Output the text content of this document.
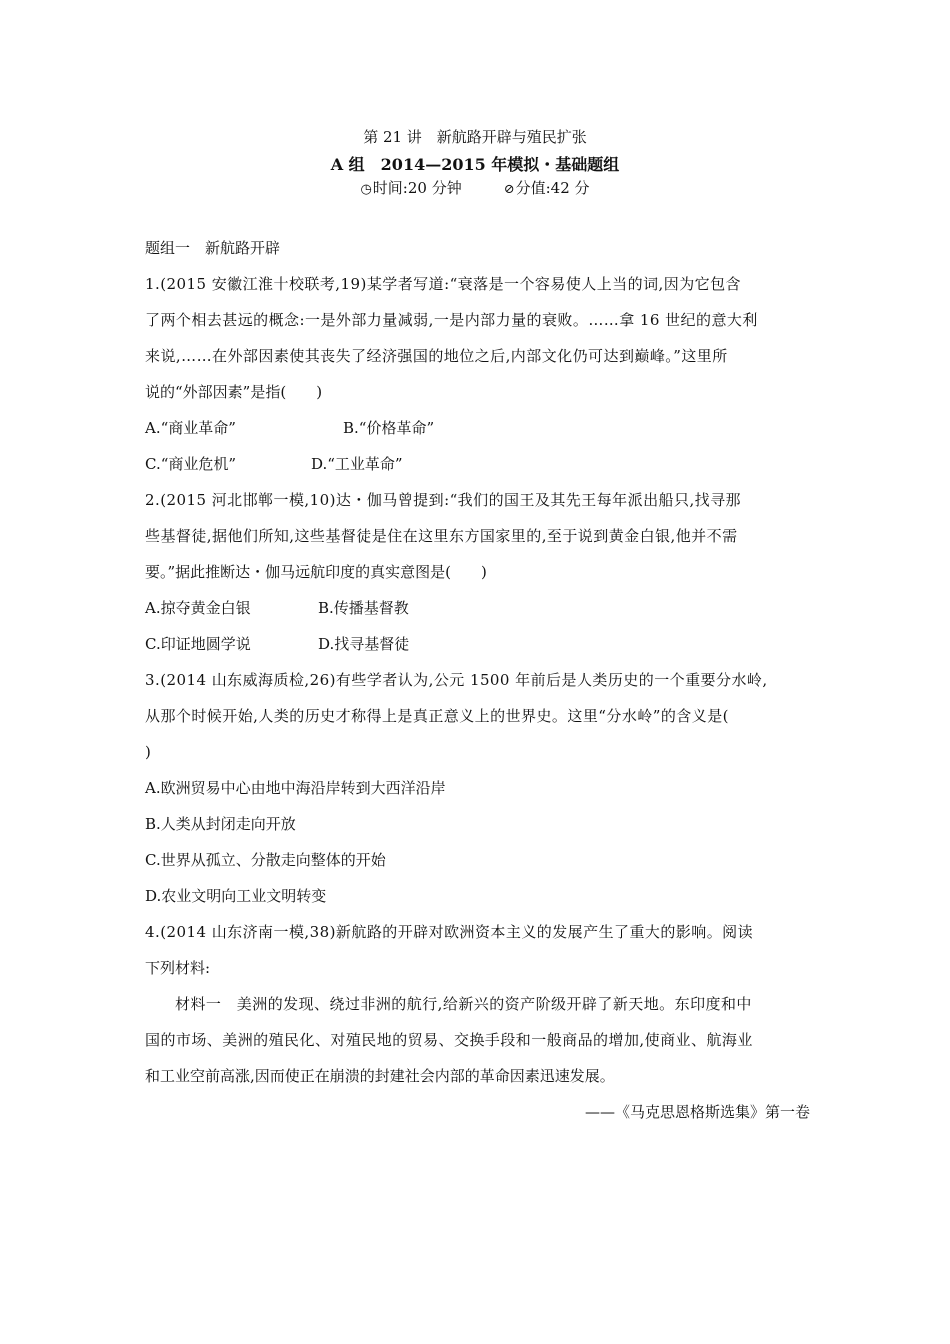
第 21 讲　新航路开辟与殖民扩张
A 组　2014—2015 年模拟・基础题组
◷时间:20 分钟	⊘分值:42 分
题组一　新航路开辟
1.(2015 安徽江淮十校联考,19)某学者写道:“衰落是一个容易使人上当的词,因为它包含
了两个相去甚远的概念:一是外部力量减弱,一是内部力量的衰败。……拿 16 世纪的意大利
来说,……在外部因素使其丧失了经济强国的地位之后,内部文化仍可达到巅峰。”这里所
说的“外部因素”是指(　　)
A.“商业革命”	B.“价格革命”
C.“商业危机”	D.“工业革命”
2.(2015 河北邯郸一模,10)达・伽马曾提到:“我们的国王及其先王每年派出船只,找寻那
些基督徒,据他们所知,这些基督徒是住在这里东方国家里的,至于说到黄金白银,他并不需
要。”据此推断达・伽马远航印度的真实意图是(　　)
A.掠夺黄金白银	B.传播基督教
C.印证地圆学说	D.找寻基督徒
3.(2014 山东威海质检,26)有些学者认为,公元 1500 年前后是人类历史的一个重要分水岭,
从那个时候开始,人类的历史才称得上是真正意义上的世界史。这里“分水岭”的含义是(
)
A.欧洲贸易中心由地中海沿岸转到大西洋沿岸
B.人类从封闭走向开放
C.世界从孤立、分散走向整体的开始
D.农业文明向工业文明转变
4.(2014 山东济南一模,38)新航路的开辟对欧洲资本主义的发展产生了重大的影响。阅读
下列材料:
材料一　美洲的发现、绕过非洲的航行,给新兴的资产阶级开辟了新天地。东印度和中
国的市场、美洲的殖民化、对殖民地的贸易、交换手段和一般商品的增加,使商业、航海业
和工业空前高涨,因而使正在崩溃的封建社会内部的革命因素迅速发展。
——《马克思恩格斯选集》第一卷
